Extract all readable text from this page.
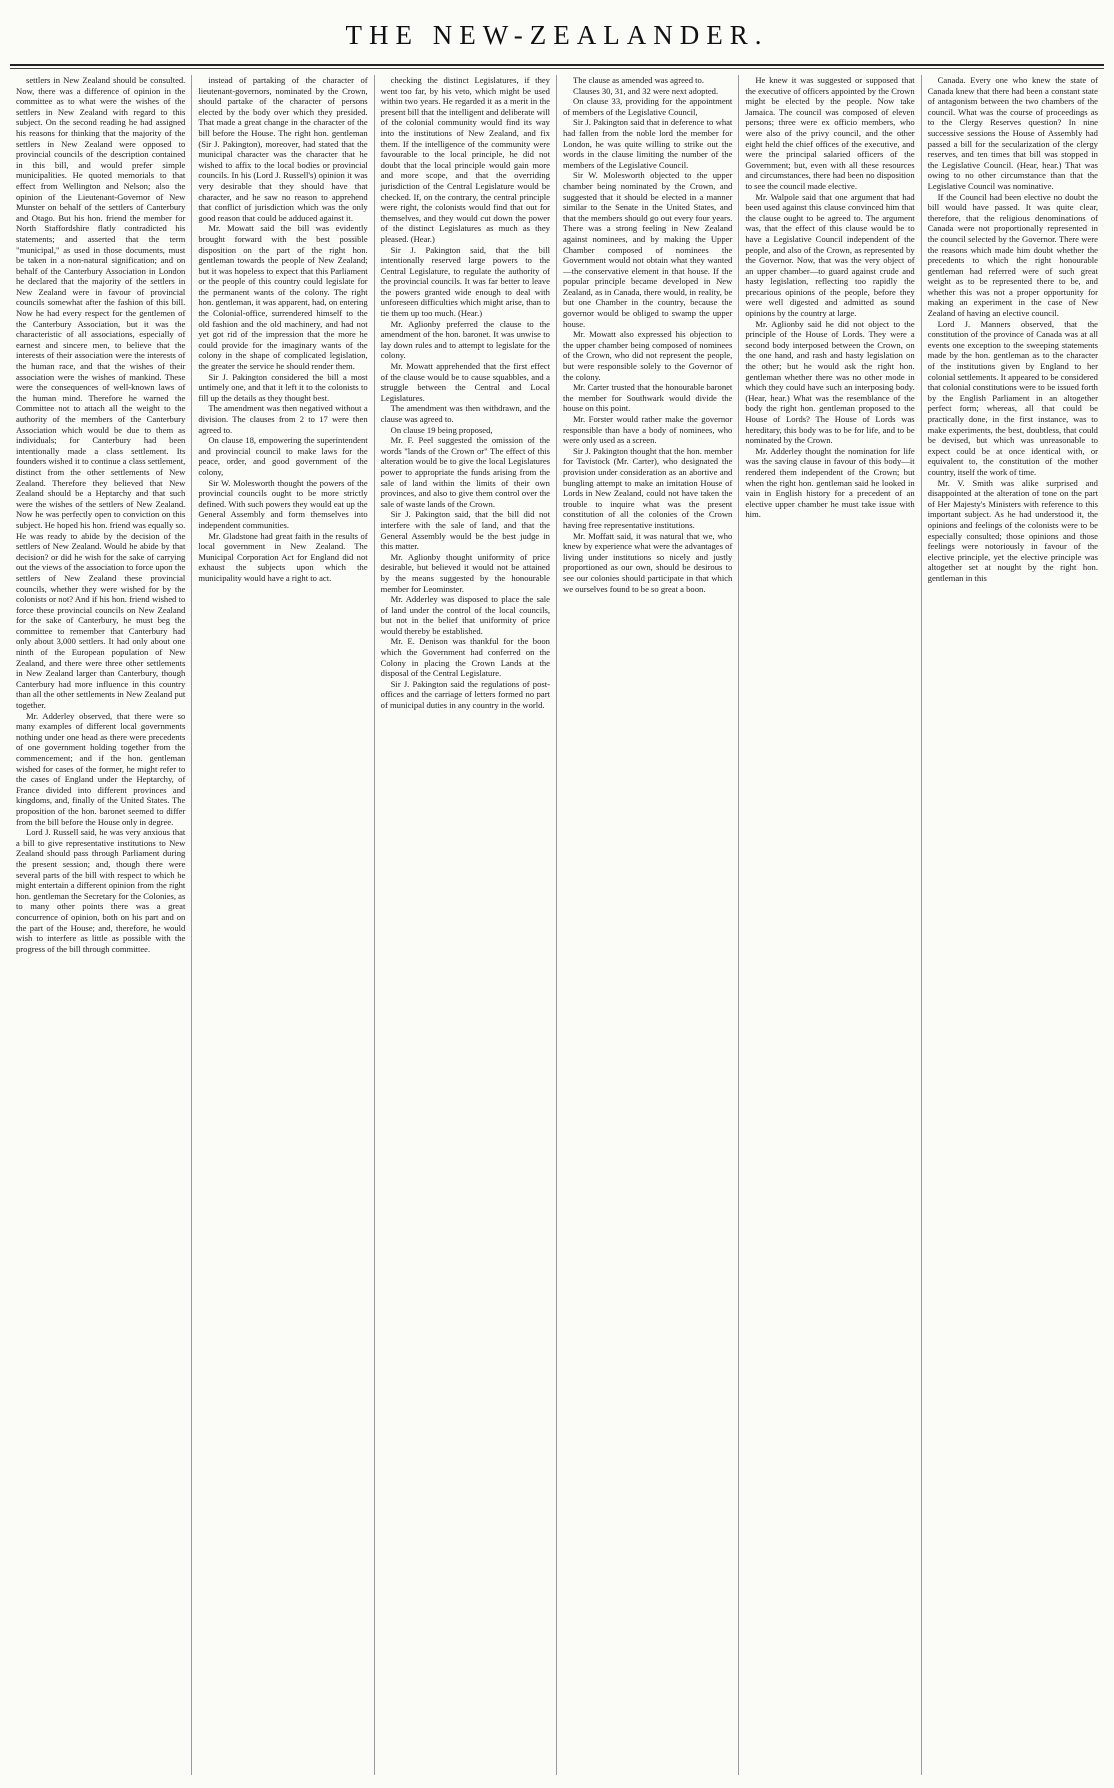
THE NEW-ZEALANDER.

settlers in New Zealand should be consulted. Now, there was a difference of opinion in the committee as to what were the wishes of the settlers in New Zealand with regard to this subject. On the second reading he had assigned his reasons for thinking that the majority of the settlers in New Zealand were opposed to provincial councils of the description contained in this bill, and would prefer simple municipalities. He quoted memorials to that effect from Wellington and Nelson; also the opinion of the Lieutenant-Governor of New Munster on behalf of the settlers of Canterbury and Otago. But his hon. friend the member for North Staffordshire flatly contradicted his statements; and asserted that the term "municipal," as used in those documents, must be taken in a non-natural signification; and on behalf of the Canterbury Association in London he declared that the majority of the settlers in New Zealand were in favour of provincial councils somewhat after the fashion of this bill. Now he had every respect for the gentlemen of the Canterbury Association, but it was the characteristic of all associations, especially of earnest and sincere men, to believe that the interests of their association were the interests of the human race, and that the wishes of their association were the wishes of mankind. These were the consequences of well-known laws of the human mind. Therefore he warned the Committee not to attach all the weight to the authority of the members of the Canterbury Association which would be due to them as individuals; for Canterbury had been intentionally made a class settlement. Its founders wished it to continue a class settlement, distinct from the other settlements of New Zealand. Therefore they believed that New Zealand should be a Heptarchy and that such were the wishes of the settlers of New Zealand. Now he was perfectly open to conviction on this subject. He hoped his hon. friend was equally so. He was ready to abide by the decision of the settlers of New Zealand. Would he abide by that decision? or did he wish for the sake of carrying out the views of the association to force upon the settlers of New Zealand these provincial councils, whether they were wished for by the colonists or not? And if his hon. friend wished to force these provincial councils on New Zealand for the sake of Canterbury, he must beg the committee to remember that Canterbury had only about 3,000 settlers. It had only about one ninth of the European population of New Zealand, and there were three other settlements in New Zealand larger than Canterbury, though Canterbury had more influence in this country than all the other settlements in New Zealand put together.

Mr. Adderley observed, that there were so many examples of different local governments nothing under one head as there were precedents of one government holding together from the commencement; and if the hon. gentleman wished for cases of the former, he might refer to the cases of England under the Heptarchy, of France divided into different provinces and kingdoms, and, finally of the United States. The proposition of the hon. baronet seemed to differ from the bill before the House only in degree.

Lord J. Russell said, he was very anxious that a bill to give representative institutions to New Zealand should pass through Parliament during the present session; and, though there were several parts of the bill with respect to which he might entertain a different opinion from the right hon. gentleman the Secretary for the Colonies, as to many other points there was a great concurrence of opinion, both on his part and on the part of the House; and, therefore, he would wish to interfere as little as possible with the progress of the bill through committee.

instead of partaking of the character of lieutenant-governors, nominated by the Crown, should partake of the character of persons elected by the body over which they presided. That made a great change in the character of the bill before the House. The right hon. gentleman (Sir J. Pakington), moreover, had stated that the municipal character was the character that he wished to affix to the local bodies or provincial councils. In his (Lord J. Russell's) opinion it was very desirable that they should have that character, and he saw no reason to apprehend that conflict of jurisdiction which was the only good reason that could be adduced against it.

Mr. Mowatt said the bill was evidently brought forward with the best possible disposition on the part of the right hon. gentleman towards the people of New Zealand; but it was hopeless to expect that this Parliament or the people of this country could legislate for the permanent wants of the colony. The right hon. gentleman, it was apparent, had, on entering the Colonial-office, surrendered himself to the old fashion and the old machinery, and had not yet got rid of the impression that the more he could provide for the imaginary wants of the colony in the shape of complicated legislation, the greater the service he should render them.

Sir J. Pakington considered the bill a most untimely one, and that it left it to the colonists to fill up the details as they thought best.

The amendment was then negatived without a division. The clauses from 2 to 17 were then agreed to.

On clause 18, empowering the superintendent and provincial council to make laws for the peace, order, and good government of the colony,

Sir W. Molesworth thought the powers of the provincial councils ought to be more strictly defined. With such powers they would eat up the General Assembly and form themselves into independent communities.

Mr. Gladstone had great faith in the results of local government in New Zealand. The Municipal Corporation Act for England did not exhaust the subjects upon which the municipality would have a right to act.

checking the distinct Legislatures, if they went too far, by his veto, which might be used within two years. He regarded it as a merit in the present bill that the intelligent and deliberate will of the colonial community would find its way into the institutions of New Zealand, and fix them. If the intelligence of the community were favourable to the local principle, he did not doubt that the local principle would gain more and more scope, and that the overriding jurisdiction of the Central Legislature would be checked. If, on the contrary, the central principle were right, the colonists would find that out for themselves, and they would cut down the power of the distinct Legislatures as much as they pleased. (Hear.)

Sir J. Pakington said, that the bill intentionally reserved large powers to the Central Legislature, to regulate the authority of the provincial councils. It was far better to leave the powers granted wide enough to deal with unforeseen difficulties which might arise, than to tie them up too much. (Hear.)

Mr. Aglionby preferred the clause to the amendment of the hon. baronet. It was unwise to lay down rules and to attempt to legislate for the colony.

Mr. Mowatt apprehended that the first effect of the clause would be to cause squabbles, and a struggle between the Central and Local Legislatures.

The amendment was then withdrawn, and the clause was agreed to.

On clause 19 being proposed,

Mr. F. Peel suggested the omission of the words "lands of the Crown or" The effect of this alteration would be to give the local Legislatures power to appropriate the funds arising from the sale of land within the limits of their own provinces, and also to give them control over the sale of waste lands of the Crown.

Sir J. Pakington said, that the bill did not interfere with the sale of land, and that the General Assembly would be the best judge in this matter.

Mr. Aglionby thought uniformity of price desirable, but believed it would not be attained by the means suggested by the honourable member for Leominster.

Mr. Adderley was disposed to place the sale of land under the control of the local councils, but not in the belief that uniformity of price would thereby be established.

Mr. E. Denison was thankful for the boon which the Government had conferred on the Colony in placing the Crown Lands at the disposal of the Central Legislature.

Sir J. Pakington said the regulations of post-offices and the carriage of letters formed no part of municipal duties in any country in the world.

The clause as amended was agreed to.

Clauses 30, 31, and 32 were next adopted.

On clause 33, providing for the appointment of members of the Legislative Council,

Sir J. Pakington said that in deference to what had fallen from the noble lord the member for London, he was quite willing to strike out the words in the clause limiting the number of the members of the Legislative Council.

Sir W. Molesworth objected to the upper chamber being nominated by the Crown, and suggested that it should be elected in a manner similar to the Senate in the United States, and that the members should go out every four years. There was a strong feeling in New Zealand against nominees, and by making the Upper Chamber composed of nominees the Government would not obtain what they wanted—the conservative element in that house. If the popular principle became developed in New Zealand, as in Canada, there would, in reality, be but one Chamber in the country, because the governor would be obliged to swamp the upper house.

Mr. Mowatt also expressed his objection to the upper chamber being composed of nominees of the Crown, who did not represent the people, but were responsible solely to the Governor of the colony.

Mr. Carter trusted that the honourable baronet the member for Southwark would divide the house on this point.

Mr. Forster would rather make the governor responsible than have a body of nominees, who were only used as a screen.

Sir J. Pakington thought that the hon. member for Tavistock (Mr. Carter), who designated the provision under consideration as an abortive and bungling attempt to make an imitation House of Lords in New Zealand, could not have taken the trouble to inquire what was the present constitution of all the colonies of the Crown having free representative institutions.

Mr. Moffatt said, it was natural that we, who knew by experience what were the advantages of living under institutions so nicely and justly proportioned as our own, should be desirous to see our colonies should participate in that which we ourselves found to be so great a boon.

He knew it was suggested or supposed that the executive of officers appointed by the Crown might be elected by the people. Now take Jamaica. The council was composed of eleven persons; three were ex officio members, who were also of the privy council, and the other eight held the chief offices of the executive, and were the principal salaried officers of the Government; but, even with all these resources and circumstances, there had been no disposition to see the council made elective.

Mr. Walpole said that one argument that had been used against this clause convinced him that the clause ought to be agreed to. The argument was, that the effect of this clause would be to have a Legislative Council independent of the people, and also of the Crown, as represented by the Governor. Now, that was the very object of an upper chamber—to guard against crude and hasty legislation, reflecting too rapidly the precarious opinions of the people, before they were well digested and admitted as sound opinions by the country at large.

Mr. Aglionby said he did not object to the principle of the House of Lords. They were a second body interposed between the Crown, on the one hand, and rash and hasty legislation on the other; but he would ask the right hon. gentleman whether there was no other mode in which they could have such an interposing body. (Hear, hear.) What was the resemblance of the body the right hon. gentleman proposed to the House of Lords? The House of Lords was hereditary, this body was to be for life, and to be nominated by the Crown.

Mr. Adderley thought the nomination for life was the saving clause in favour of this body—it rendered them independent of the Crown; but when the right hon. gentleman said he looked in vain in English history for a precedent of an elective upper chamber he must take issue with him.

Canada. Every one who knew the state of Canada knew that there had been a constant state of antagonism between the two chambers of the council. What was the course of proceedings as to the Clergy Reserves question? In nine successive sessions the House of Assembly had passed a bill for the secularization of the clergy reserves, and ten times that bill was stopped in the Legislative Council. (Hear, hear.) That was owing to no other circumstance than that the Legislative Council was nominative.

If the Council had been elective no doubt the bill would have passed. It was quite clear, therefore, that the religious denominations of Canada were not proportionally represented in the council selected by the Governor. There were the reasons which made him doubt whether the precedents to which the right honourable gentleman had referred were of such great weight as to be represented there to be, and whether this was not a proper opportunity for making an experiment in the case of New Zealand of having an elective council.

Lord J. Manners observed, that the constitution of the province of Canada was at all events one exception to the sweeping statements made by the hon. gentleman as to the character of the institutions given by England to her colonial settlements. It appeared to be considered that colonial constitutions were to be issued forth by the English Parliament in an altogether perfect form; whereas, all that could be practically done, in the first instance, was to make experiments, the best, doubtless, that could be devised, but which was unreasonable to expect could be at once identical with, or equivalent to, the constitution of the mother country, itself the work of time.

Mr. V. Smith was alike surprised and disappointed at the alteration of tone on the part of Her Majesty's Ministers with reference to this important subject. As he had understood it, the opinions and feelings of the colonists were to be especially consulted; those opinions and those feelings were notoriously in favour of the elective principle, yet the elective principle was altogether set at nought by the right hon. gentleman in this
